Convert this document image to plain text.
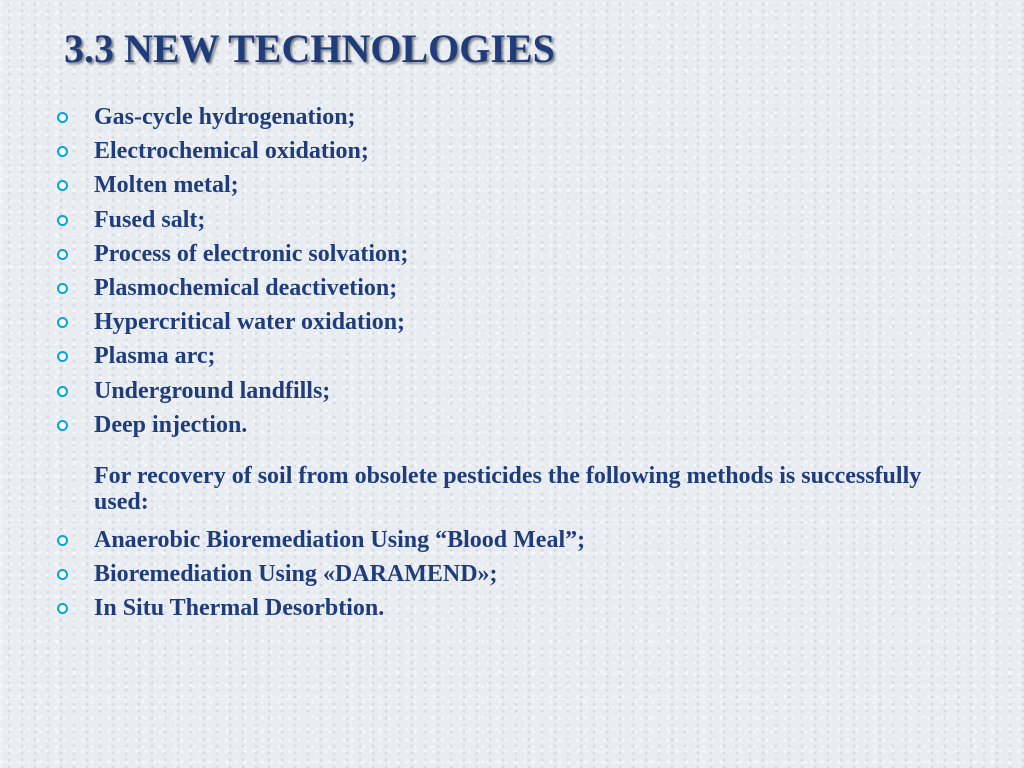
3.3 NEW TECHNOLOGIES
Gas-cycle hydrogenation;
Electrochemical oxidation;
Molten metal;
Fused salt;
Process of electronic solvation;
Plasmochemical deactivetion;
Hypercritical water oxidation;
Plasma arc;
Underground landfills;
Deep injection.

For recovery of soil from obsolete pesticides the following methods is successfully used:

Anaerobic Bioremediation Using “Blood Meal”;
Bioremediation Using «DARAMEND»;
In Situ Thermal Desorbtion.
